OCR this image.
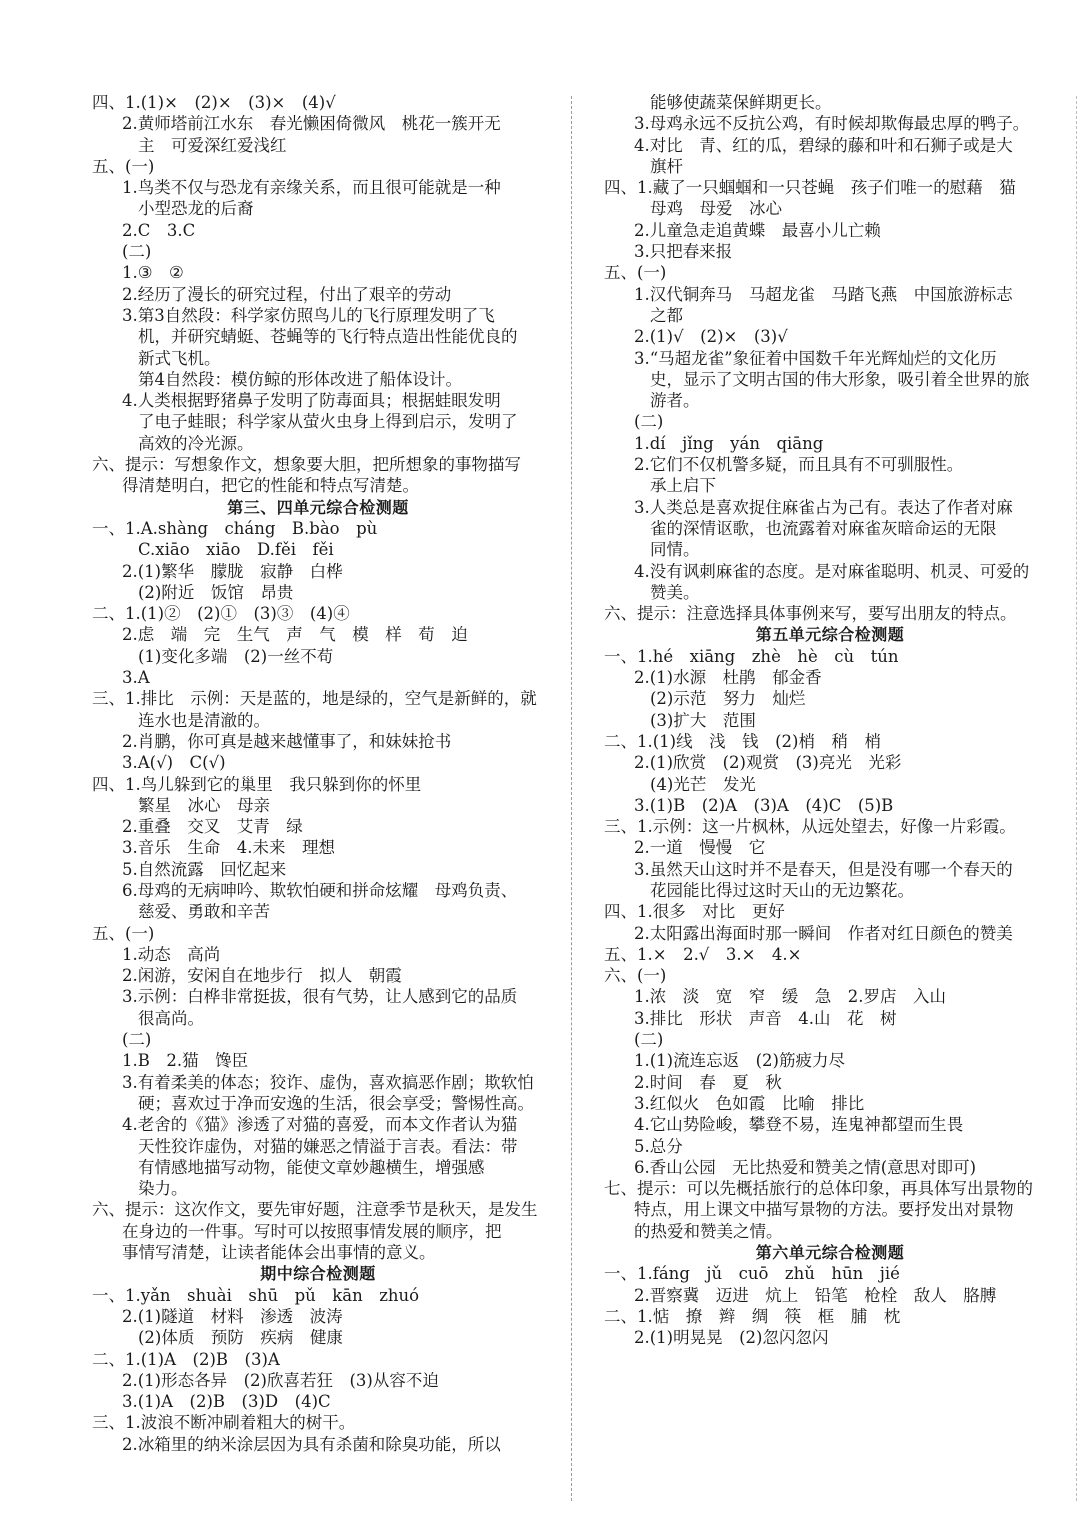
四、1.(1)×　(2)×　(3)×　(4)√
2.黄师塔前江水东　春光懒困倚微风　桃花一簇开无
主　可爱深红爱浅红
五、(一)
1.鸟类不仅与恐龙有亲缘关系，而且很可能就是一种
小型恐龙的后裔
2.C　3.C
(二)
1.③　②
2.经历了漫长的研究过程，付出了艰辛的劳动
3.第3自然段：科学家仿照鸟儿的飞行原理发明了飞
机，并研究蜻蜓、苍蝇等的飞行特点造出性能优良的
新式飞机。
第4自然段：模仿鲸的形体改进了船体设计。
4.人类根据野猪鼻子发明了防毒面具；根据蛙眼发明
了电子蛙眼；科学家从萤火虫身上得到启示，发明了
高效的冷光源。
六、提示：写想象作文，想象要大胆，把所想象的事物描写
得清楚明白，把它的性能和特点写清楚。
第三、四单元综合检测题
一、1.A.shàng　cháng　B.bào　pù
C.xiāo　xiāo　D.fěi　fěi
2.(1)繁华　朦胧　寂静　白桦
(2)附近　饭馆　昂贵
二、1.(1)②　(2)①　(3)③　(4)④
2.虑　端　完　生气　声　气　模　样　荀　迫
(1)变化多端　(2)一丝不苟
3.A
三、1.排比　示例：天是蓝的，地是绿的，空气是新鲜的，就
连水也是清澈的。
2.肖鹏，你可真是越来越懂事了，和妹妹抢书
3.A(√)　C(√)
四、1.鸟儿躲到它的巢里　我只躲到你的怀里
繁星　冰心　母亲
2.重叠　交叉　艾青　绿
3.音乐　生命　4.未来　理想
5.自然流露　回忆起来
6.母鸡的无病呻吟、欺软怕硬和拼命炫耀　母鸡负责、
慈爱、勇敢和辛苦
五、(一)
1.动态　高尚
2.闲游，安闲自在地步行　拟人　朝霞
3.示例：白桦非常挺拔，很有气势，让人感到它的品质
很高尚。
(二)
1.B　2.猫　馋臣
3.有着柔美的体态；狡诈、虚伪，喜欢搞恶作剧；欺软怕
硬；喜欢过于净而安逸的生活，很会享受；警惕性高。
4.老舍的《猫》渗透了对猫的喜爱，而本文作者认为猫
天性狡诈虚伪，对猫的嫌恶之情溢于言表。看法：带
有情感地描写动物，能使文章妙趣横生，增强感
染力。
六、提示：这次作文，要先审好题，注意季节是秋天，是发生
在身边的一件事。写时可以按照事情发展的顺序，把
事情写清楚，让读者能体会出事情的意义。
期中综合检测题
一、1.yǎn　shuài　shū　pǔ　kān　zhuó
2.(1)隧道　材料　渗透　波涛
(2)体质　预防　疾病　健康
二、1.(1)A　(2)B　(3)A
2.(1)形态各异　(2)欣喜若狂　(3)从容不迫
3.(1)A　(2)B　(3)D　(4)C
三、1.波浪不断冲刷着粗大的树干。
2.冰箱里的纳米涂层因为具有杀菌和除臭功能，所以
能够使蔬菜保鲜期更长。
3.母鸡永远不反抗公鸡，有时候却欺侮最忠厚的鸭子。
4.对比　青、红的瓜，碧绿的藤和叶和石狮子或是大
旗杆
四、1.藏了一只蝈蝈和一只苍蝇　孩子们唯一的慰藉　猫
母鸡　母爱　冰心
2.儿童急走追黄蝶　最喜小儿亡赖
3.只把春来报
五、(一)
1.汉代铜奔马　马超龙雀　马踏飞燕　中国旅游标志
之都
2.(1)√　(2)×　(3)√
3.“马超龙雀”象征着中国数千年光辉灿烂的文化历
史，显示了文明古国的伟大形象，吸引着全世界的旅
游者。
(二)
1.dí　jǐng　yán　qiāng
2.它们不仅机警多疑，而且具有不可驯服性。
承上启下
3.人类总是喜欢捉住麻雀占为己有。表达了作者对麻
雀的深情讴歌，也流露着对麻雀灰暗命运的无限
同情。
4.没有讽刺麻雀的态度。是对麻雀聪明、机灵、可爱的
赞美。
六、提示：注意选择具体事例来写，要写出朋友的特点。
第五单元综合检测题
一、1.hé　xiāng　zhè　hè　cù　tún
2.(1)水源　杜鹃　郁金香
(2)示范　努力　灿烂
(3)扩大　范围
二、1.(1)线　浅　钱　(2)梢　稍　梢
2.(1)欣赏　(2)观赏　(3)亮光　光彩
(4)光芒　发光
3.(1)B　(2)A　(3)A　(4)C　(5)B
三、1.示例：这一片枫林，从远处望去，好像一片彩霞。
2.一道　慢慢　它
3.虽然天山这时并不是春天，但是没有哪一个春天的
花园能比得过这时天山的无边繁花。
四、1.很多　对比　更好
2.太阳露出海面时那一瞬间　作者对红日颜色的赞美
五、1.×　2.√　3.×　4.×
六、(一)
1.浓　淡　宽　窄　缓　急　2.罗店　入山
3.排比　形状　声音　4.山　花　树
(二)
1.(1)流连忘返　(2)筋疲力尽
2.时间　春　夏　秋
3.红似火　色如霞　比喻　排比
4.它山势险峻，攀登不易，连鬼神都望而生畏
5.总分
6.香山公园　无比热爱和赞美之情(意思对即可)
七、提示：可以先概括旅行的总体印象，再具体写出景物的
特点，用上课文中描写景物的方法。要抒发出对景物
的热爱和赞美之情。
第六单元综合检测题
一、1.fáng　jǔ　cuō　zhǔ　hūn　jié
2.晋察冀　迈进　炕上　铅笔　枪栓　敌人　胳膊
二、1.惦　撩　辫　绸　筷　框　脯　枕
2.(1)明晃晃　(2)忽闪忽闪
